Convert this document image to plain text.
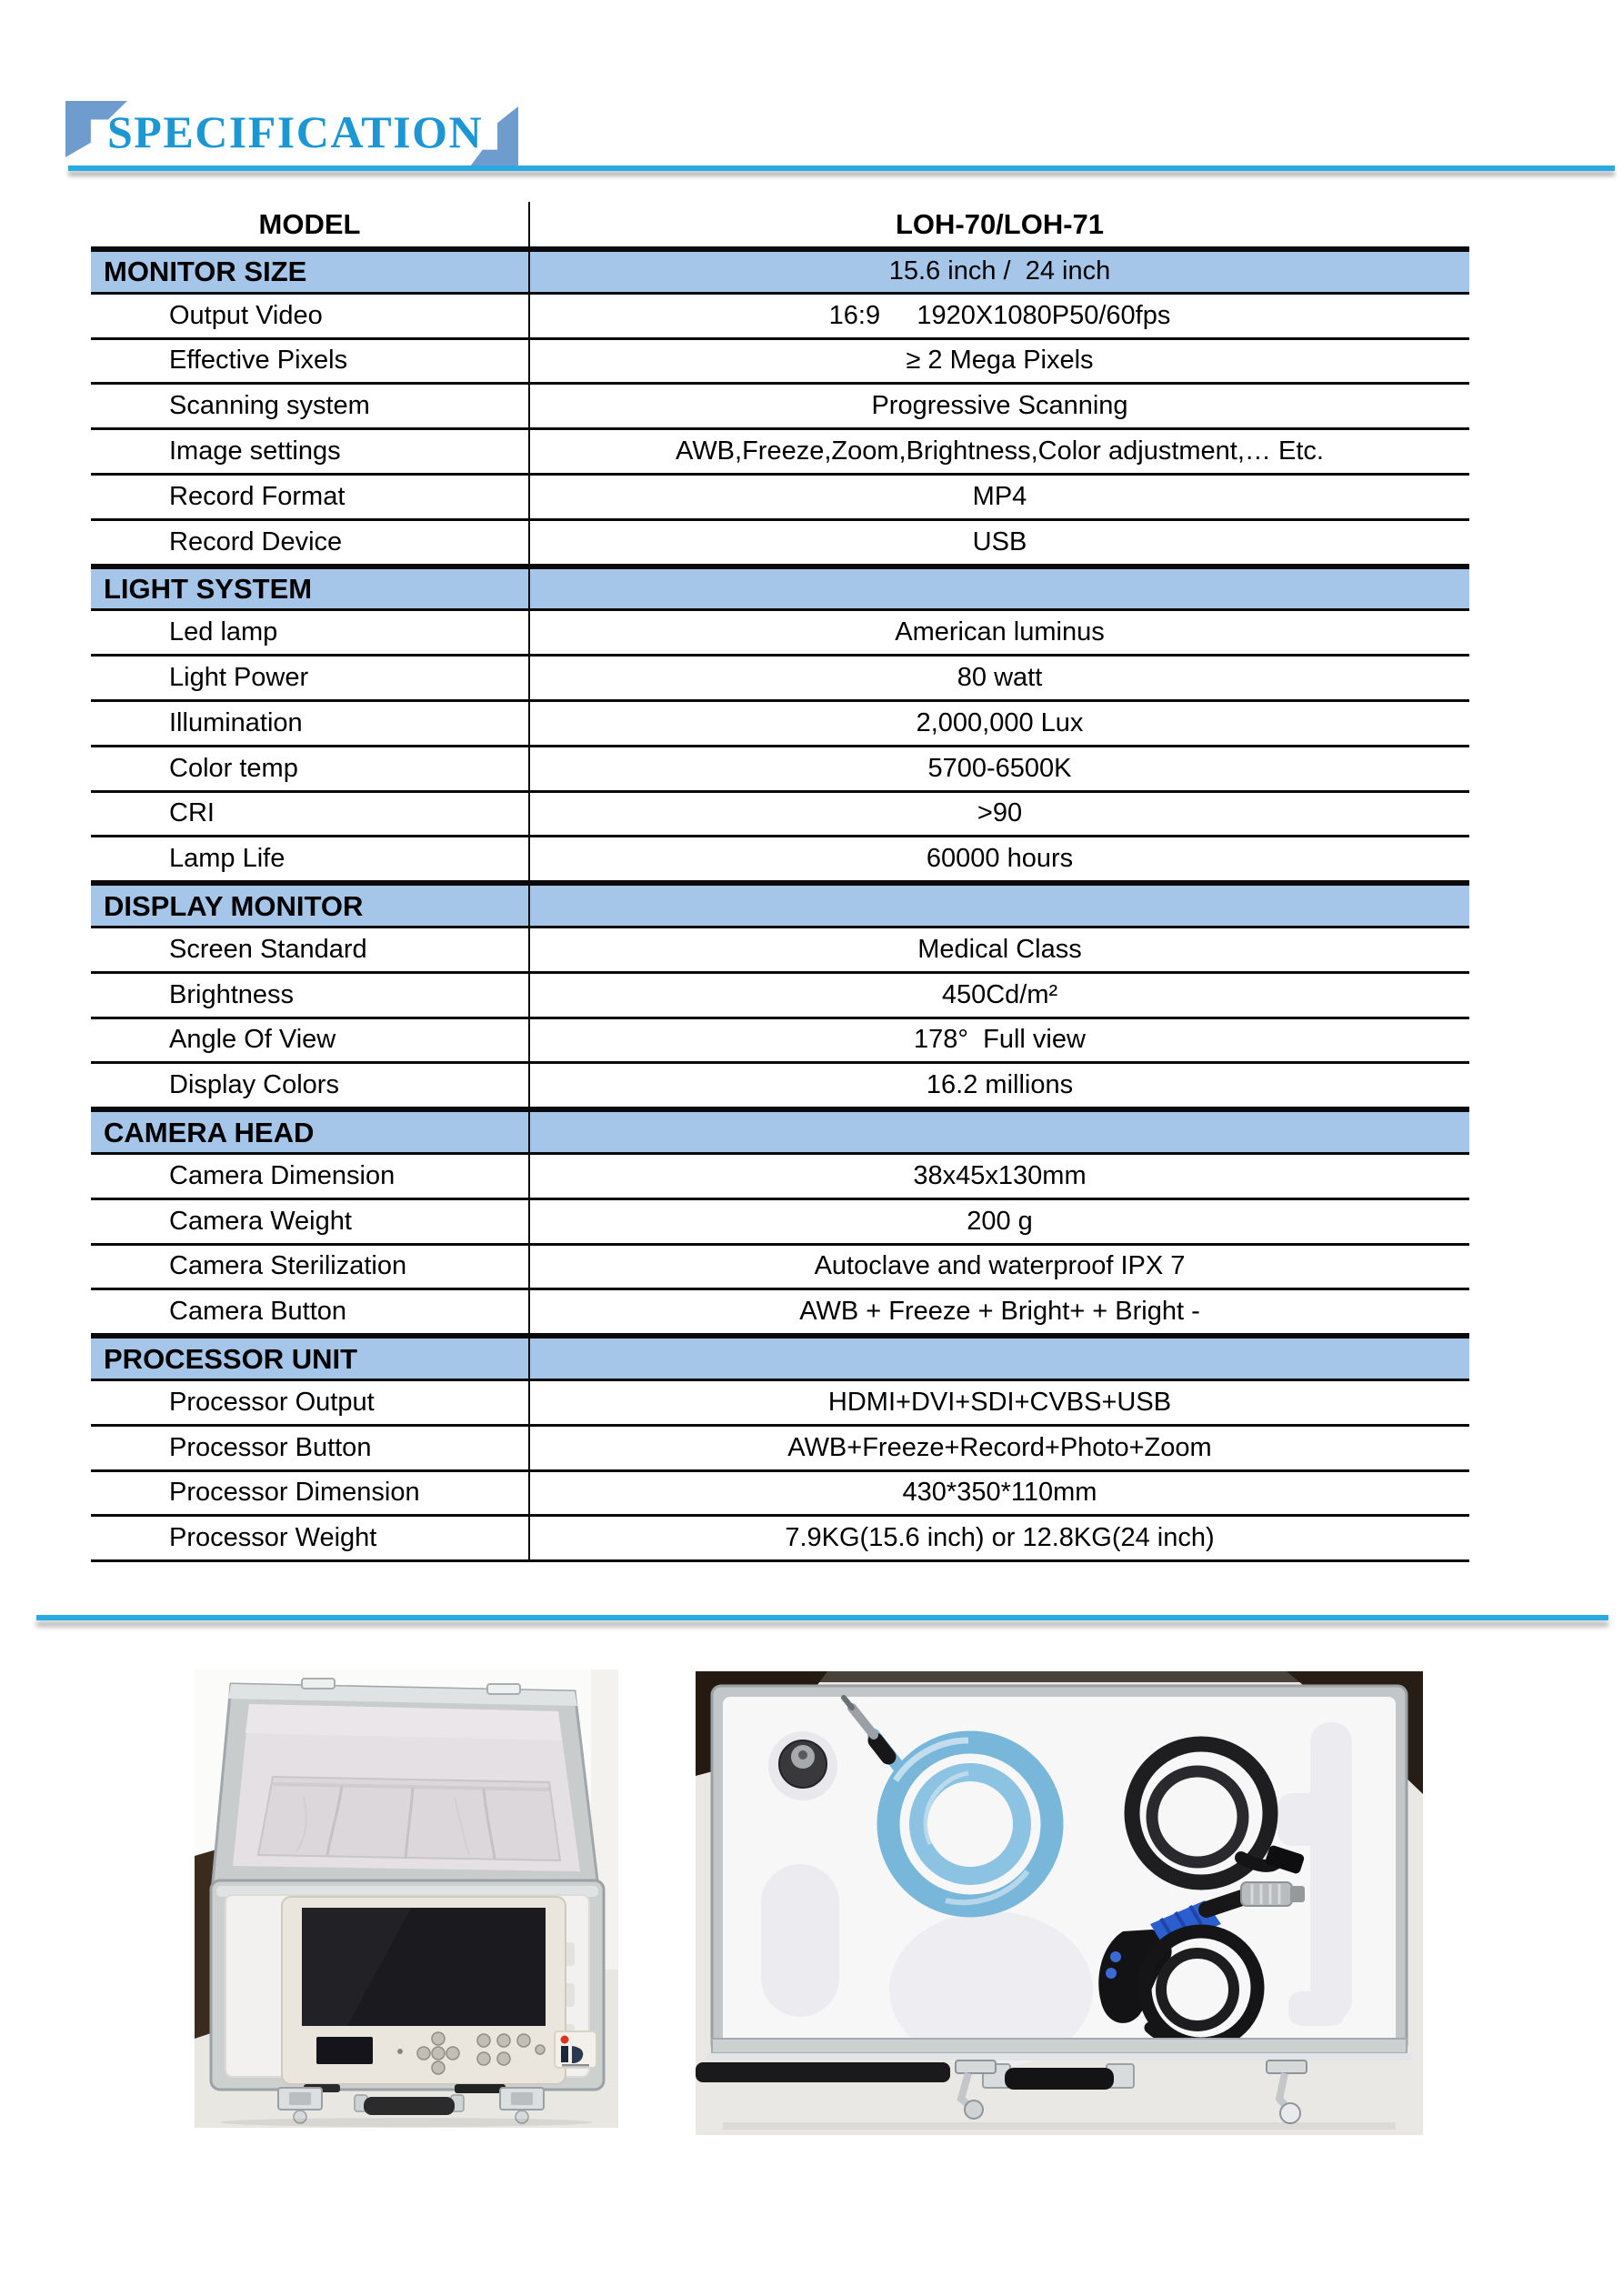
SPECIFICATION
MODEL	LOH-70/LOH-71
MONITOR SIZE	15.6 inch /  24 inch
Output Video	16:9     1920X1080P50/60fps
Effective Pixels	≥ 2 Mega Pixels
Scanning system	Progressive Scanning
Image settings	AWB,Freeze,Zoom,Brightness,Color adjustment,… Etc.
Record Format	MP4
Record Device	USB
LIGHT SYSTEM
Led lamp	American luminus
Light Power	80 watt
Illumination	2,000,000 Lux
Color temp	5700-6500K
CRI	>90
Lamp Life	60000 hours
DISPLAY MONITOR
Screen Standard	Medical Class
Brightness	450Cd/m²
Angle Of View	178°  Full view
Display Colors	16.2 millions
CAMERA HEAD
Camera Dimension	38x45x130mm
Camera Weight	200 g
Camera Sterilization	Autoclave and waterproof IPX 7
Camera Button	AWB + Freeze + Bright+ + Bright -
PROCESSOR UNIT
Processor Output	HDMI+DVI+SDI+CVBS+USB
Processor Button	AWB+Freeze+Record+Photo+Zoom
Processor Dimension	430*350*110mm
Processor Weight	7.9KG(15.6 inch) or 12.8KG(24 inch)
